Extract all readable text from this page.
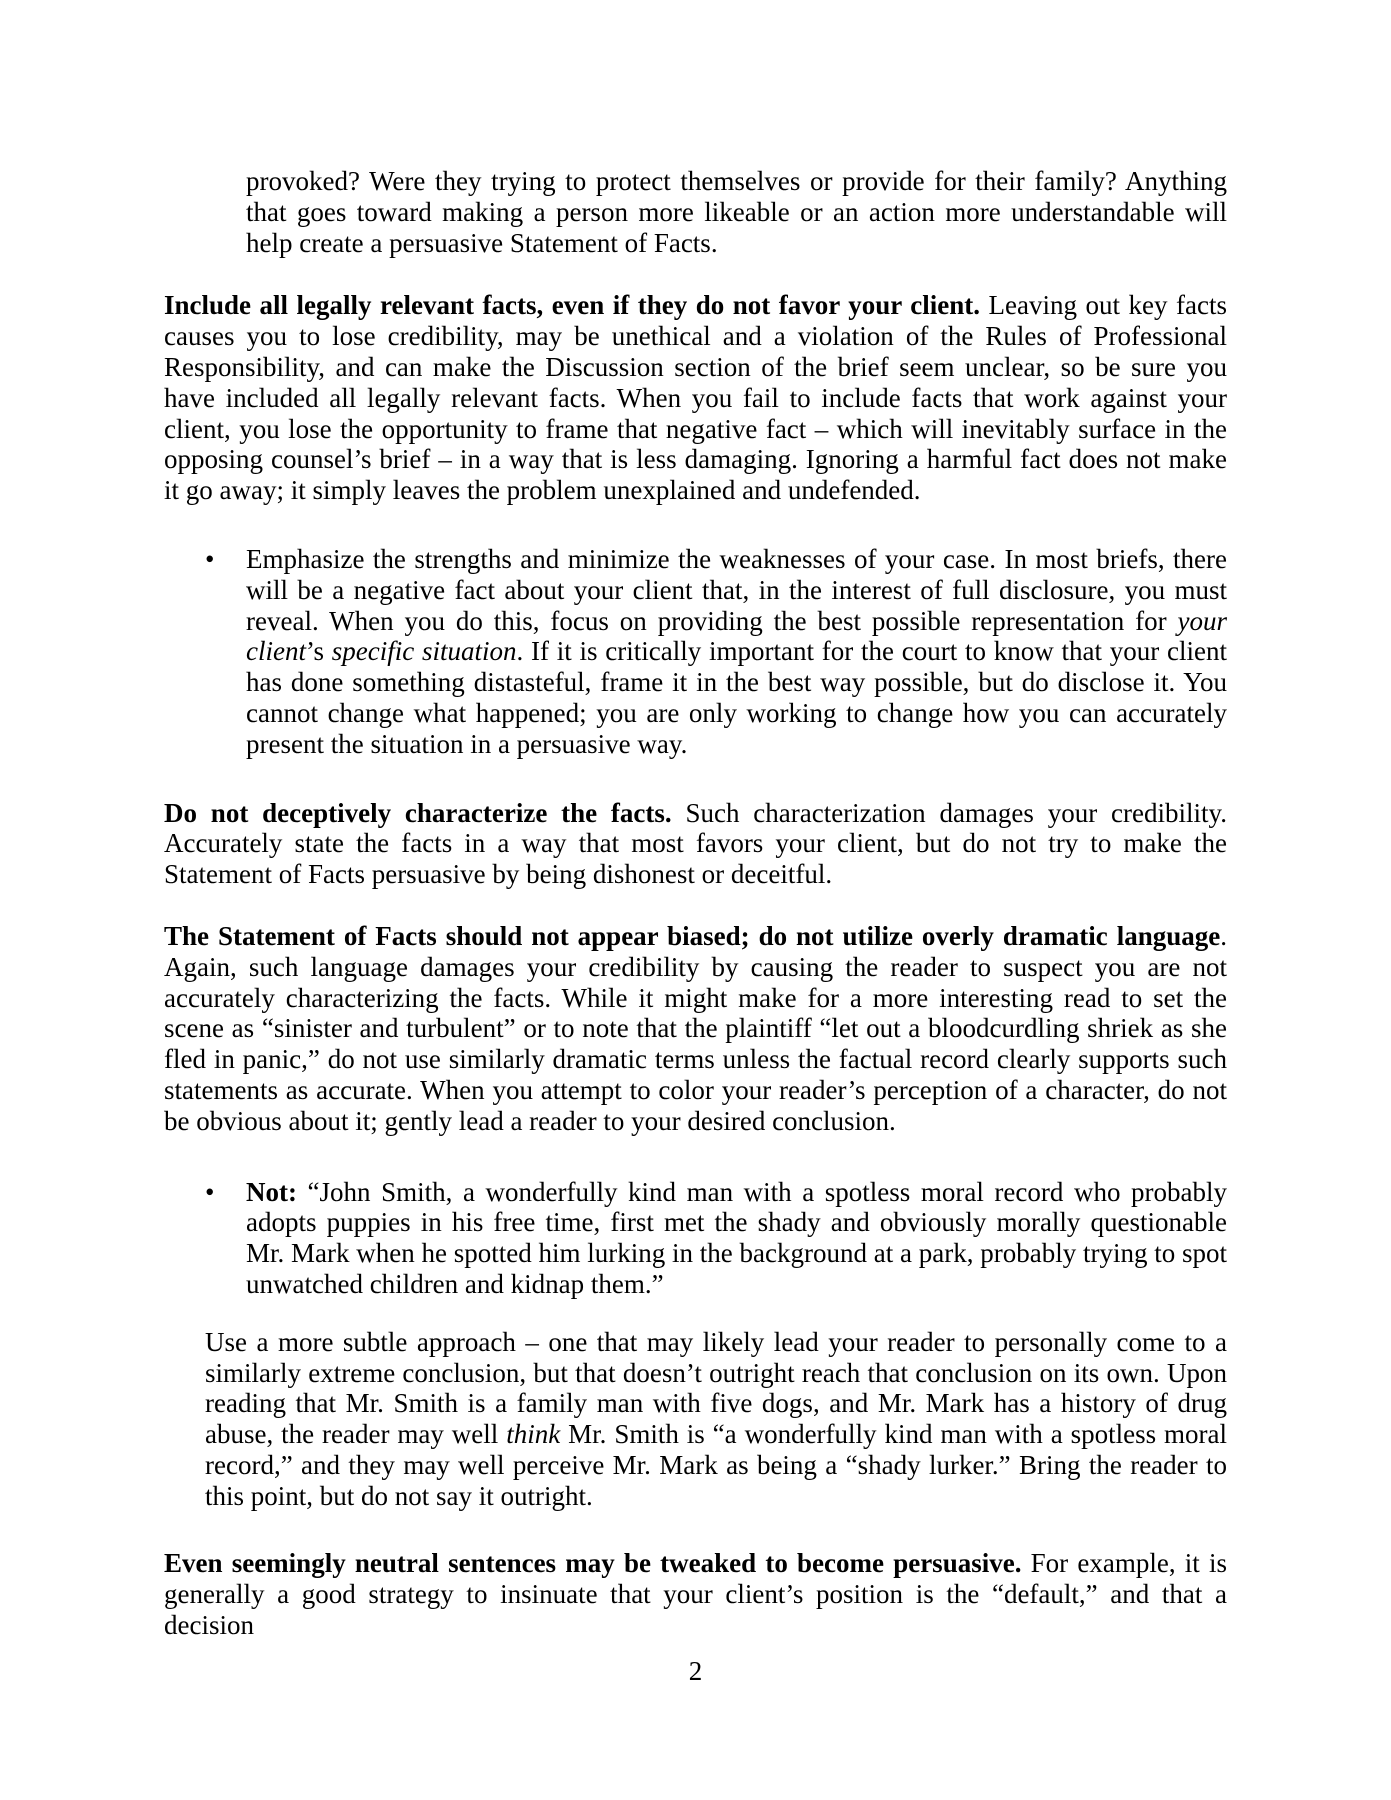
provoked? Were they trying to protect themselves or provide for their family? Anything that goes toward making a person more likeable or an action more understandable will help create a persuasive Statement of Facts.

Include all legally relevant facts, even if they do not favor your client. Leaving out key facts causes you to lose credibility, may be unethical and a violation of the Rules of Professional Responsibility, and can make the Discussion section of the brief seem unclear, so be sure you have included all legally relevant facts. When you fail to include facts that work against your client, you lose the opportunity to frame that negative fact – which will inevitably surface in the opposing counsel’s brief – in a way that is less damaging. Ignoring a harmful fact does not make it go away; it simply leaves the problem unexplained and undefended.

• Emphasize the strengths and minimize the weaknesses of your case. In most briefs, there will be a negative fact about your client that, in the interest of full disclosure, you must reveal. When you do this, focus on providing the best possible representation for your client’s specific situation. If it is critically important for the court to know that your client has done something distasteful, frame it in the best way possible, but do disclose it. You cannot change what happened; you are only working to change how you can accurately present the situation in a persuasive way.

Do not deceptively characterize the facts. Such characterization damages your credibility. Accurately state the facts in a way that most favors your client, but do not try to make the Statement of Facts persuasive by being dishonest or deceitful.

The Statement of Facts should not appear biased; do not utilize overly dramatic language. Again, such language damages your credibility by causing the reader to suspect you are not accurately characterizing the facts. While it might make for a more interesting read to set the scene as “sinister and turbulent” or to note that the plaintiff “let out a bloodcurdling shriek as she fled in panic,” do not use similarly dramatic terms unless the factual record clearly supports such statements as accurate. When you attempt to color your reader’s perception of a character, do not be obvious about it; gently lead a reader to your desired conclusion.

• Not: “John Smith, a wonderfully kind man with a spotless moral record who probably adopts puppies in his free time, first met the shady and obviously morally questionable Mr. Mark when he spotted him lurking in the background at a park, probably trying to spot unwatched children and kidnap them.”

Use a more subtle approach – one that may likely lead your reader to personally come to a similarly extreme conclusion, but that doesn’t outright reach that conclusion on its own. Upon reading that Mr. Smith is a family man with five dogs, and Mr. Mark has a history of drug abuse, the reader may well think Mr. Smith is “a wonderfully kind man with a spotless moral record,” and they may well perceive Mr. Mark as being a “shady lurker.” Bring the reader to this point, but do not say it outright.

Even seemingly neutral sentences may be tweaked to become persuasive. For example, it is generally a good strategy to insinuate that your client’s position is the “default,” and that a decision

2
